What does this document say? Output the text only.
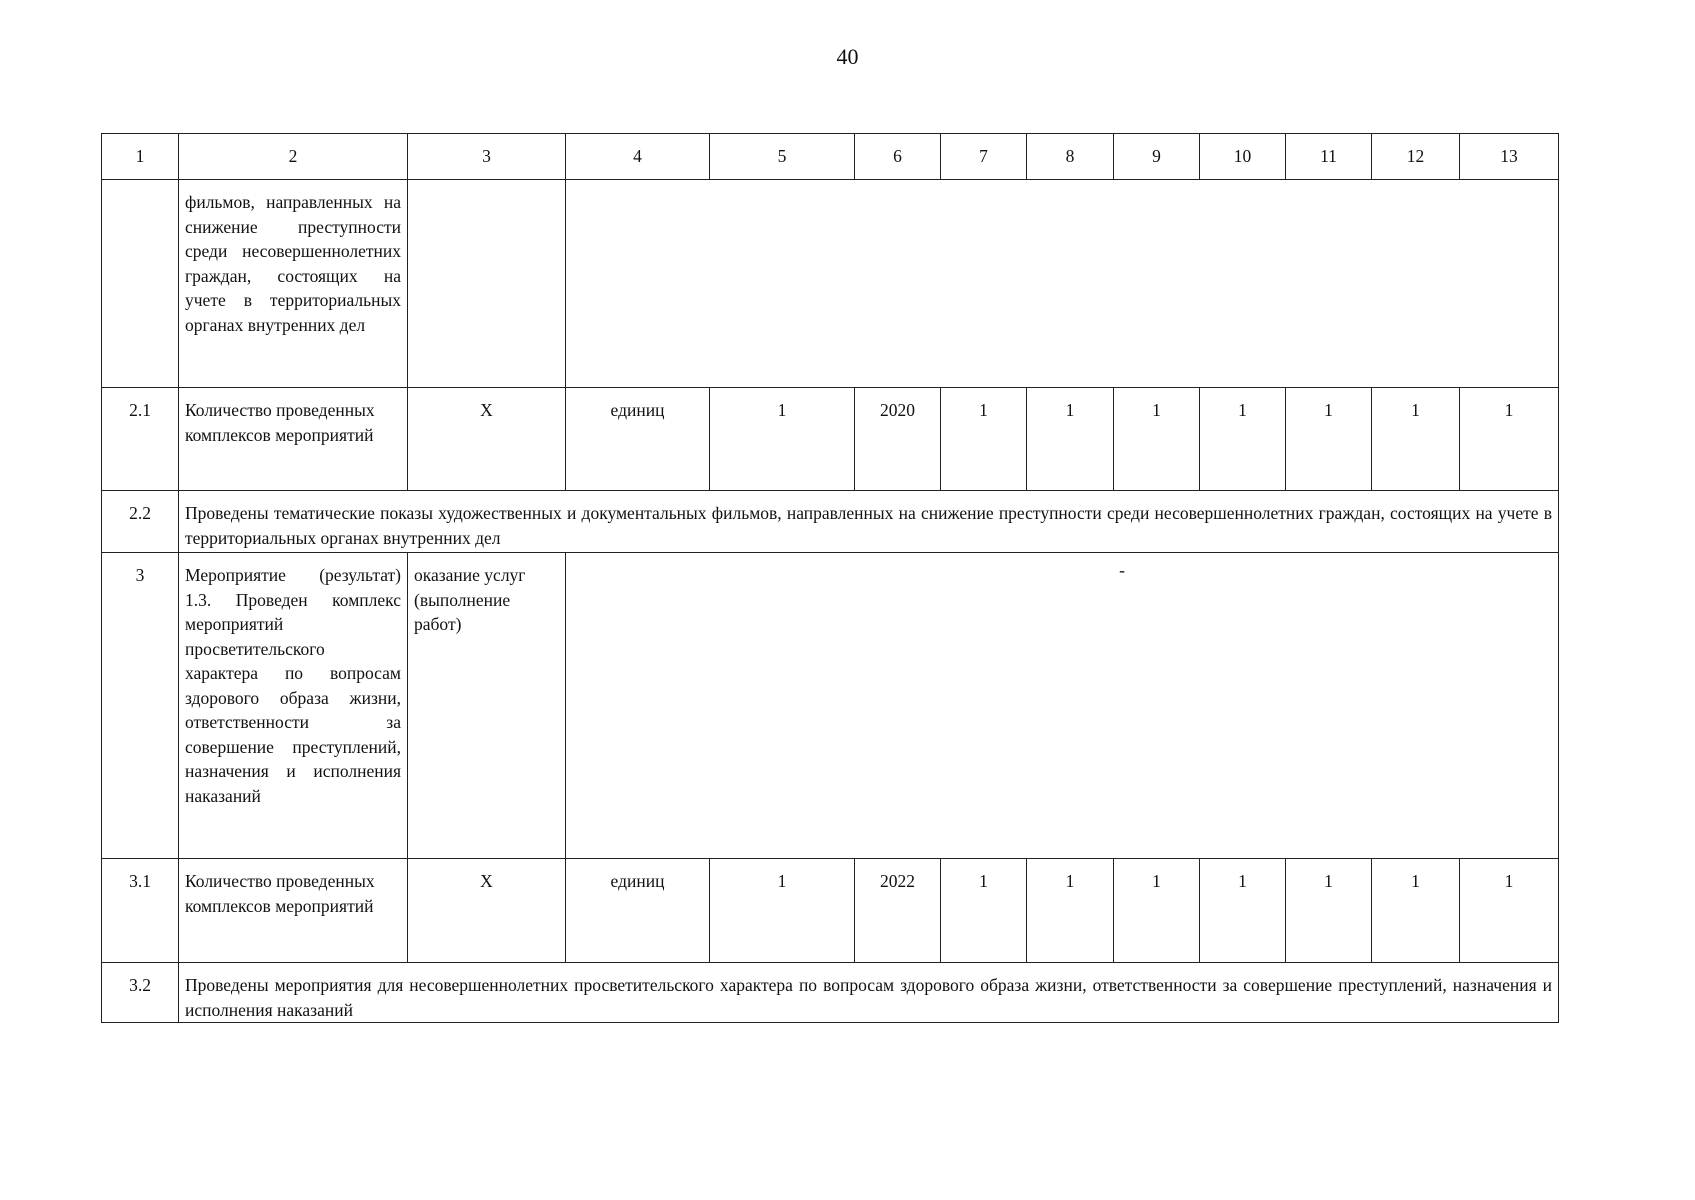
40
1	2	3	4	5	6	7	8	9	10	11	12	13
	фильмов, направленных на снижение преступности среди несовершеннолетних граждан, состоящих на учете в территориальных органах внутренних дел											
2.1	Количество проведенных комплексов мероприятий	X	единиц	1	2020	1	1	1	1	1	1	1
2.2	Проведены тематические показы художественных и документальных фильмов, направленных на снижение преступности среди несовершеннолетних граждан, состоящих на учете в территориальных органах внутренних дел											
3	Мероприятие (результат) 1.3. Проведен комплекс мероприятий просветительского характера по вопросам здорового образа жизни, ответственности за совершение преступлений, назначения и исполнения наказаний	оказание услуг (выполнение работ)	-									

3.1	Количество проведенных комплексов мероприятий	X	единиц	1	2022	1	1	1	1	1	1	1
3.2	Проведены мероприятия для несовершеннолетних просветительского характера по вопросам здорового образа жизни, ответственности за совершение преступлений, назначения и исполнения наказаний											
